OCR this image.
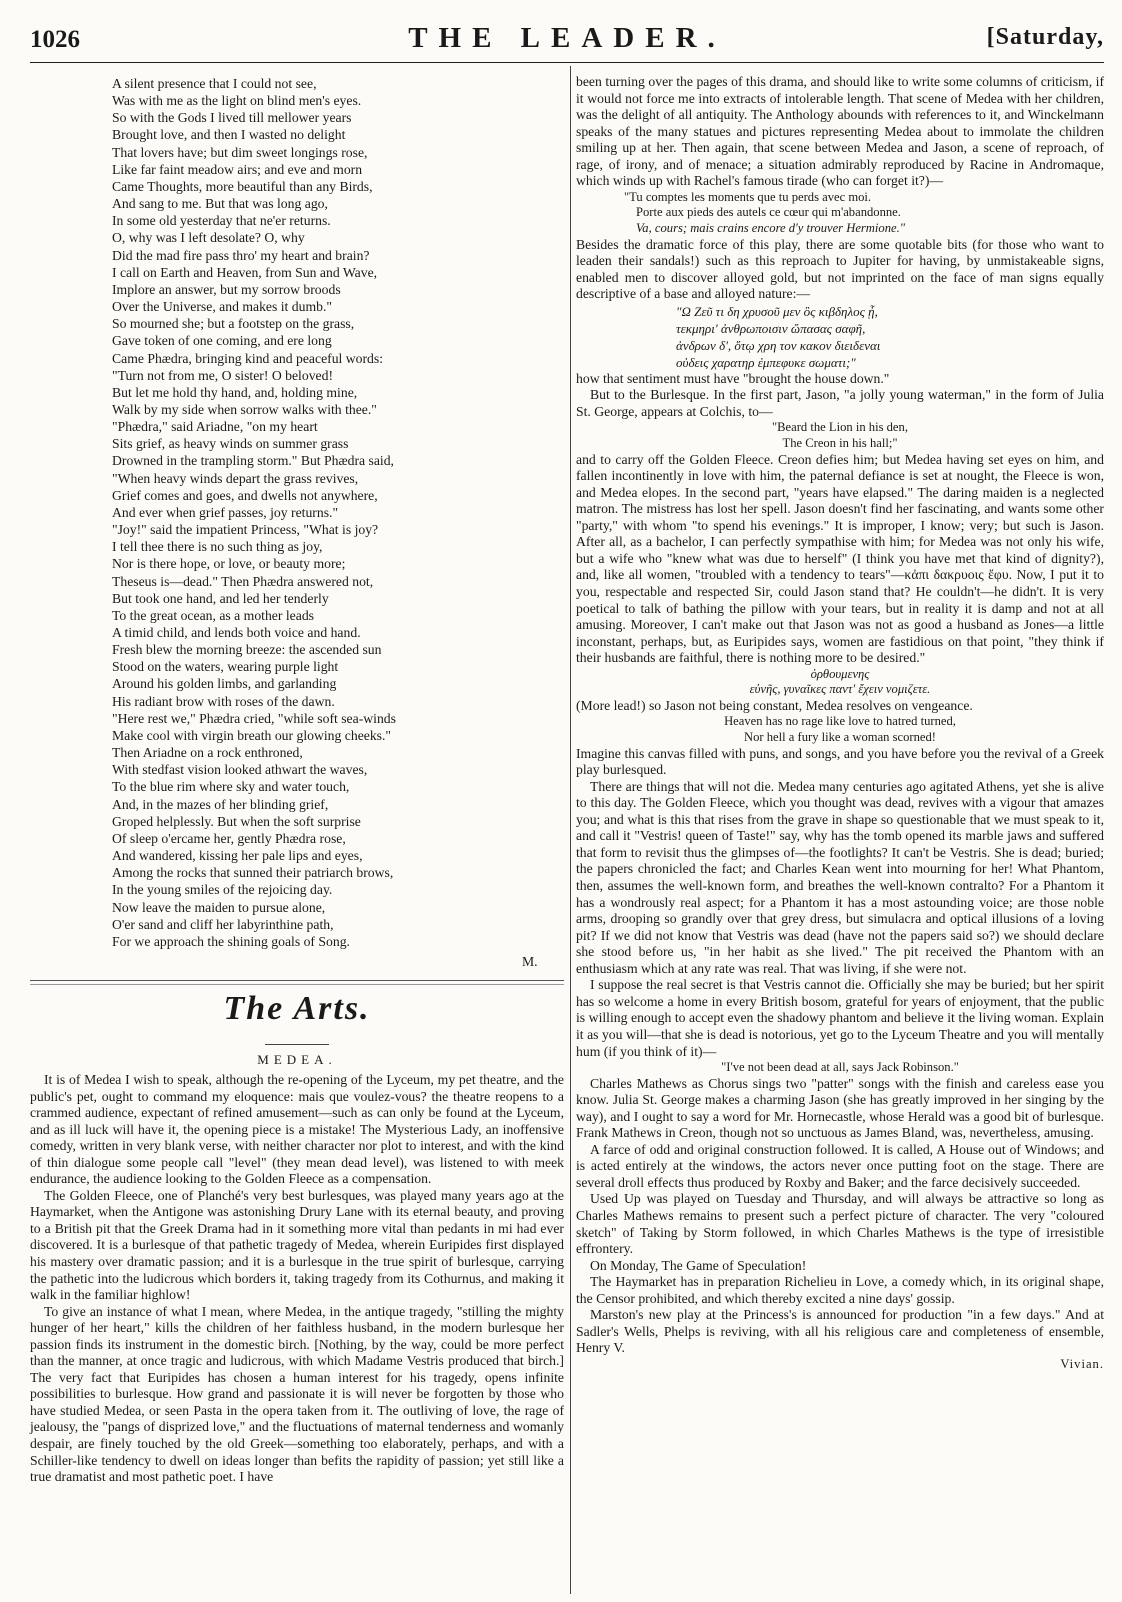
1026	THE LEADER.	[Saturday,
A silent presence that I could not see,
Was with me as the light on blind men's eyes.
So with the Gods I lived till mellower years
Brought love, and then I wasted no delight
That lovers have; but dim sweet longings rose,
Like far faint meadow airs; and eve and morn
Came Thoughts, more beautiful than any Birds,
And sang to me. But that was long ago,
In some old yesterday that ne'er returns.
O, why was I left desolate? O, why
Did the mad fire pass thro' my heart and brain?
I call on Earth and Heaven, from Sun and Wave,
Implore an answer, but my sorrow broods
Over the Universe, and makes it dumb."
So mourned she; but a footstep on the grass,
Gave token of one coming, and ere long
Came Phædra, bringing kind and peaceful words:
"Turn not from me, O sister! O beloved!
But let me hold thy hand, and, holding mine,
Walk by my side when sorrow walks with thee."
"Phædra," said Ariadne, "on my heart
Sits grief, as heavy winds on summer grass
Drowned in the trampling storm." But Phædra said,
"When heavy winds depart the grass revives,
Grief comes and goes, and dwells not anywhere,
And ever when grief passes, joy returns."
"Joy!" said the impatient Princess, "What is joy?
I tell thee there is no such thing as joy,
Nor is there hope, or love, or beauty more;
Theseus is—dead." Then Phædra answered not,
But took one hand, and led her tenderly
To the great ocean, as a mother leads
A timid child, and lends both voice and hand.
Fresh blew the morning breeze: the ascended sun
Stood on the waters, wearing purple light
Around his golden limbs, and garlanding
His radiant brow with roses of the dawn.
"Here rest we," Phædra cried, "while soft sea-winds
Make cool with virgin breath our glowing cheeks."
Then Ariadne on a rock enthroned,
With stedfast vision looked athwart the waves,
To the blue rim where sky and water touch,
And, in the mazes of her blinding grief,
Groped helplessly. But when the soft surprise
Of sleep o'ercame her, gently Phædra rose,
And wandered, kissing her pale lips and eyes,
Among the rocks that sunned their patriarch brows,
In the young smiles of the rejoicing day.
Now leave the maiden to pursue alone,
O'er sand and cliff her labyrinthine path,
For we approach the shining goals of Song.
M.
The Arts.
MEDEA.

It is of Medea I wish to speak, although the re-opening of the Lyceum, my pet theatre, and the public's pet, ought to command my eloquence: mais que voulez-vous? the theatre reopens to a crammed audience, expectant of refined amusement—such as can only be found at the Lyceum, and as ill luck will have it, the opening piece is a mistake! The Mysterious Lady, an inoffensive comedy, written in very blank verse, with neither character nor plot to interest, and with the kind of thin dialogue some people call "level" (they mean dead level), was listened to with meek endurance, the audience looking to the Golden Fleece as a compensation.

The Golden Fleece, one of Planché's very best burlesques, was played many years ago at the Haymarket, when the Antigone was astonishing Drury Lane with its eternal beauty, and proving to a British pit that the Greek Drama had in it something more vital than pedants in mi had ever discovered. It is a burlesque of that pathetic tragedy of Medea, wherein Euripides first displayed his mastery over dramatic passion; and it is a burlesque in the true spirit of burlesque, carrying the pathetic into the ludicrous which borders it, taking tragedy from its Cothurnus, and making it walk in the familiar highlow!

To give an instance of what I mean, where Medea, in the antique tragedy, "stilling the mighty hunger of her heart," kills the children of her faithless husband, in the modern burlesque her passion finds its instrument in the domestic birch. [Nothing, by the way, could be more perfect than the manner, at once tragic and ludicrous, with which Madame Vestris produced that birch.] The very fact that Euripides has chosen a human interest for his tragedy, opens infinite possibilities to burlesque. How grand and passionate it is will never be forgotten by those who have studied Medea, or seen Pasta in the opera taken from it. The outliving of love, the rage of jealousy, the "pangs of disprized love," and the fluctuations of maternal tenderness and womanly despair, are finely touched by the old Greek—something too elaborately, perhaps, and with a Schiller-like tendency to dwell on ideas longer than befits the rapidity of passion; yet still like a true dramatist and most pathetic poet. I have

been turning over the pages of this drama, and should like to write some columns of criticism, if it would not force me into extracts of intolerable length. That scene of Medea with her children, was the delight of all antiquity. The Anthology abounds with references to it, and Winckelmann speaks of the many statues and pictures representing Medea about to immolate the children smiling up at her. Then again, that scene between Medea and Jason, a scene of reproach, of rage, of irony, and of menace; a situation admirably reproduced by Racine in Andromaque, which winds up with Rachel's famous tirade (who can forget it?)—

"Tu comptes les moments que tu perds avec moi.

Porte aux pieds des autels ce cœur qui m'abandonne.

Va, cours; mais crains encore d'y trouver Hermione."

Besides the dramatic force of this play, there are some quotable bits (for those who want to leaden their sandals!) such as this reproach to Jupiter for having, by unmistakeable signs, enabled men to discover alloyed gold, but not imprinted on the face of man signs equally descriptive of a base and alloyed nature:—

"Ω Ζεῦ τι δη χρυσοῦ μεν ὃς κιβδηλος ᾖ,

τεκμηρι' ἀνθρωποισιν ὤπασας σαφῆ,

ἀνδρων δ', ὅτῳ χρη τον κακον διειδεναι

οὐδεις χαρατηρ ἐμπεφυκε σωματι;"

how that sentiment must have "brought the house down."

But to the Burlesque. In the first part, Jason, "a jolly young waterman," in the form of Julia St. George, appears at Colchis, to—

"Beard the Lion in his den,

The Creon in his hall;"

and to carry off the Golden Fleece. Creon defies him; but Medea having set eyes on him, and fallen incontinently in love with him, the paternal defiance is set at nought, the Fleece is won, and Medea elopes. In the second part, "years have elapsed." The daring maiden is a neglected matron. The mistress has lost her spell. Jason doesn't find her fascinating, and wants some other "party," with whom "to spend his evenings." It is improper, I know; very; but such is Jason. After all, as a bachelor, I can perfectly sympathise with him; for Medea was not only his wife, but a wife who "knew what was due to herself" (I think you have met that kind of dignity?), and, like all women, "troubled with a tendency to tears"—κἀπι δακρυοις ἔφυ. Now, I put it to you, respectable and respected Sir, could Jason stand that? He couldn't—he didn't. It is very poetical to talk of bathing the pillow with your tears, but in reality it is damp and not at all amusing. Moreover, I can't make out that Jason was not as good a husband as Jones—a little inconstant, perhaps, but, as Euripides says, women are fastidious on that point, "they think if their husbands are faithful, there is nothing more to be desired."

ὀρθουμενης

εὐνῆς, γυναῖκες παντ' ἔχειν νομιζετε.

(More lead!) so Jason not being constant, Medea resolves on vengeance.

Heaven has no rage like love to hatred turned,

Nor hell a fury like a woman scorned!

Imagine this canvas filled with puns, and songs, and you have before you the revival of a Greek play burlesqued.

There are things that will not die. Medea many centuries ago agitated Athens, yet she is alive to this day. The Golden Fleece, which you thought was dead, revives with a vigour that amazes you; and what is this that rises from the grave in shape so questionable that we must speak to it, and call it "Vestris! queen of Taste!" say, why has the tomb opened its marble jaws and suffered that form to revisit thus the glimpses of—the footlights? It can't be Vestris. She is dead; buried; the papers chronicled the fact; and Charles Kean went into mourning for her! What Phantom, then, assumes the well-known form, and breathes the well-known contralto? For a Phantom it has a wondrously real aspect; for a Phantom it has a most astounding voice; are those noble arms, drooping so grandly over that grey dress, but simulacra and optical illusions of a loving pit? If we did not know that Vestris was dead (have not the papers said so?) we should declare she stood before us, "in her habit as she lived." The pit received the Phantom with an enthusiasm which at any rate was real. That was living, if she were not.

I suppose the real secret is that Vestris cannot die. Officially she may be buried; but her spirit has so welcome a home in every British bosom, grateful for years of enjoyment, that the public is willing enough to accept even the shadowy phantom and believe it the living woman. Explain it as you will—that she is dead is notorious, yet go to the Lyceum Theatre and you will mentally hum (if you think of it)—

"I've not been dead at all, says Jack Robinson."

Charles Mathews as Chorus sings two "patter" songs with the finish and careless ease you know. Julia St. George makes a charming Jason (she has greatly improved in her singing by the way), and I ought to say a word for Mr. Hornecastle, whose Herald was a good bit of burlesque. Frank Mathews in Creon, though not so unctuous as James Bland, was, nevertheless, amusing.

A farce of odd and original construction followed. It is called, A House out of Windows; and is acted entirely at the windows, the actors never once putting foot on the stage. There are several droll effects thus produced by Roxby and Baker; and the farce decisively succeeded.

Used Up was played on Tuesday and Thursday, and will always be attractive so long as Charles Mathews remains to present such a perfect picture of character. The very "coloured sketch" of Taking by Storm followed, in which Charles Mathews is the type of irresistible effrontery.

On Monday, The Game of Speculation!

The Haymarket has in preparation Richelieu in Love, a comedy which, in its original shape, the Censor prohibited, and which thereby excited a nine days' gossip.

Marston's new play at the Princess's is announced for production "in a few days." And at Sadler's Wells, Phelps is reviving, with all his religious care and completeness of ensemble, Henry V.

Vivian.
